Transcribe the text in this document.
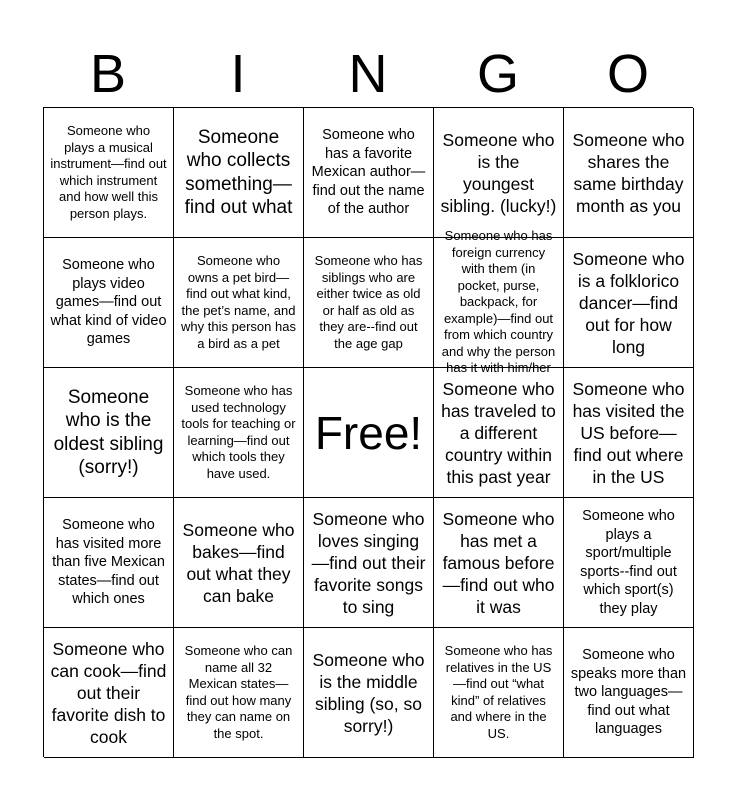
B	I	N	G	O
Someone who plays a musical instrument—find out which instrument and how well this person plays.
Someone who collects something—find out what
Someone who has a favorite Mexican author—find out the name of the author
Someone who is the youngest sibling. (lucky!)
Someone who shares the same birthday month as you
Someone who plays video games—find out what kind of video games
Someone who owns a pet bird—find out what kind, the pet’s name, and why this person has a bird as a pet
Someone who has siblings who are either twice as old or half as old as they are--find out the age gap
Someone who has foreign currency with them (in pocket, purse, backpack, for example)—find out from which country and why the person has it with him/her
Someone who is a folklorico dancer—find out for how long
Someone who is the oldest sibling (sorry!)
Someone who has used technology tools for teaching or learning—find out which tools they have used.
Free!
Someone who has traveled to a different country within this past year
Someone who has visited the US before—find out where in the US
Someone who has visited more than five Mexican states—find out which ones
Someone who bakes—find out what they can bake
Someone who loves singing—find out their favorite songs to sing
Someone who has met a famous before—find out who it was
Someone who plays a sport/multiple sports--find out which sport(s) they play
Someone who can cook—find out their favorite dish to cook
Someone who can name all 32 Mexican states—find out how many they can name on the spot.
Someone who is the middle sibling (so, so sorry!)
Someone who has relatives in the US—find out “what kind” of relatives and where in the US.
Someone who speaks more than two languages—find out what languages
